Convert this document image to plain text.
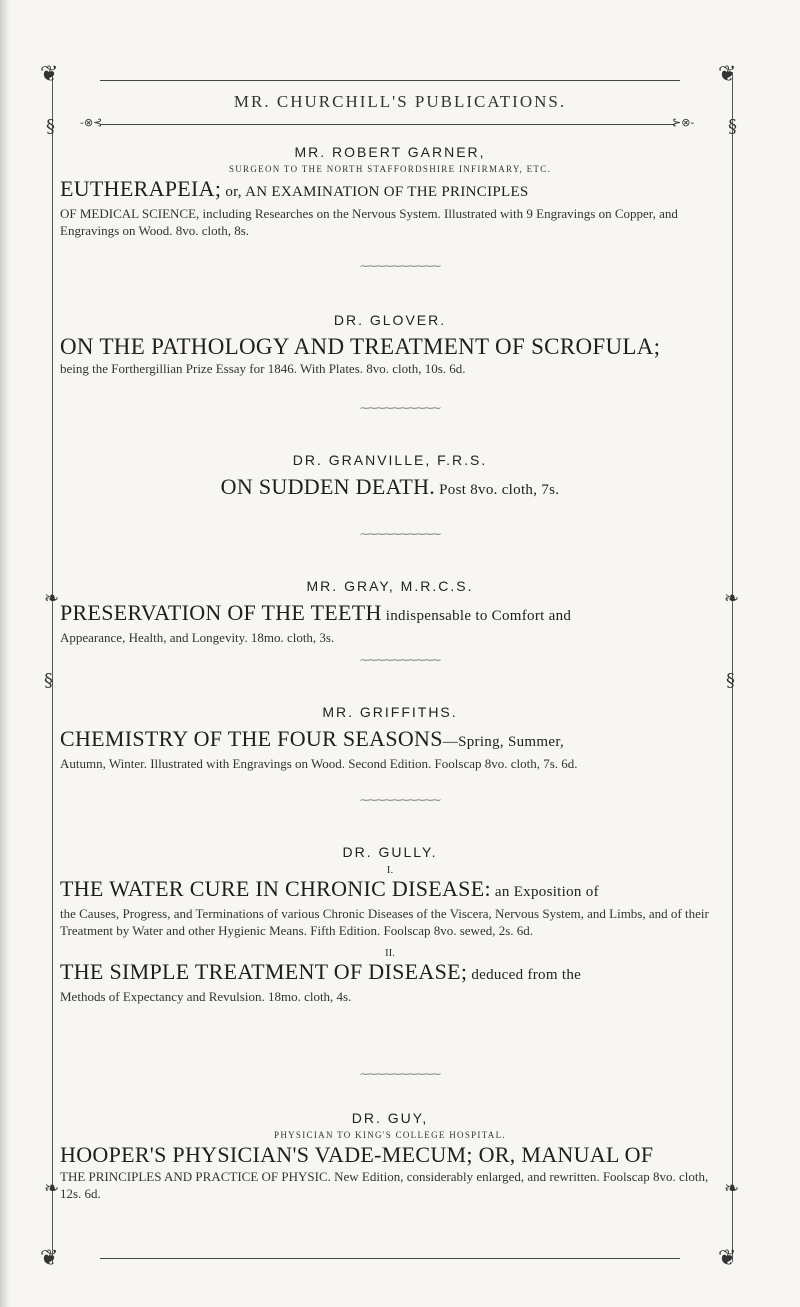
❦	❦
❦	❦
§	§
❧	❧
§	§
❧	❧
-⊗⊰	⊱⊗-
MR. CHURCHILL'S PUBLICATIONS.

MR. ROBERT GARNER,

SURGEON TO THE NORTH STAFFORDSHIRE INFIRMARY, ETC.

EUTHERAPEIA; or, AN EXAMINATION OF THE PRINCIPLES

OF MEDICAL SCIENCE, including Researches on the Nervous System. Illustrated with 9 Engravings on Copper, and Engravings on Wood. 8vo. cloth, 8s.

⁓⁓⁓⁓⁓⁓⁓⁓⁓⁓

DR. GLOVER.

ON THE PATHOLOGY AND TREATMENT OF SCROFULA;

being the Forthergillian Prize Essay for 1846. With Plates. 8vo. cloth, 10s. 6d.

⁓⁓⁓⁓⁓⁓⁓⁓⁓⁓

DR. GRANVILLE, F.R.S.

ON SUDDEN DEATH. Post 8vo. cloth, 7s.

⁓⁓⁓⁓⁓⁓⁓⁓⁓⁓

MR. GRAY, M.R.C.S.

PRESERVATION OF THE TEETH indispensable to Comfort and

Appearance, Health, and Longevity. 18mo. cloth, 3s.

⁓⁓⁓⁓⁓⁓⁓⁓⁓⁓

MR. GRIFFITHS.

CHEMISTRY OF THE FOUR SEASONS—Spring, Summer,

Autumn, Winter. Illustrated with Engravings on Wood. Second Edition. Foolscap 8vo. cloth, 7s. 6d.

⁓⁓⁓⁓⁓⁓⁓⁓⁓⁓

DR. GULLY.

I.

THE WATER CURE IN CHRONIC DISEASE: an Exposition of

the Causes, Progress, and Terminations of various Chronic Diseases of the Viscera, Nervous System, and Limbs, and of their Treatment by Water and other Hygienic Means. Fifth Edition. Foolscap 8vo. sewed, 2s. 6d.

II.

THE SIMPLE TREATMENT OF DISEASE; deduced from the

Methods of Expectancy and Revulsion. 18mo. cloth, 4s.

⁓⁓⁓⁓⁓⁓⁓⁓⁓⁓

DR. GUY,

PHYSICIAN TO KING'S COLLEGE HOSPITAL.

HOOPER'S PHYSICIAN'S VADE-MECUM; OR, MANUAL OF

THE PRINCIPLES AND PRACTICE OF PHYSIC. New Edition, considerably enlarged, and rewritten. Foolscap 8vo. cloth, 12s. 6d.
